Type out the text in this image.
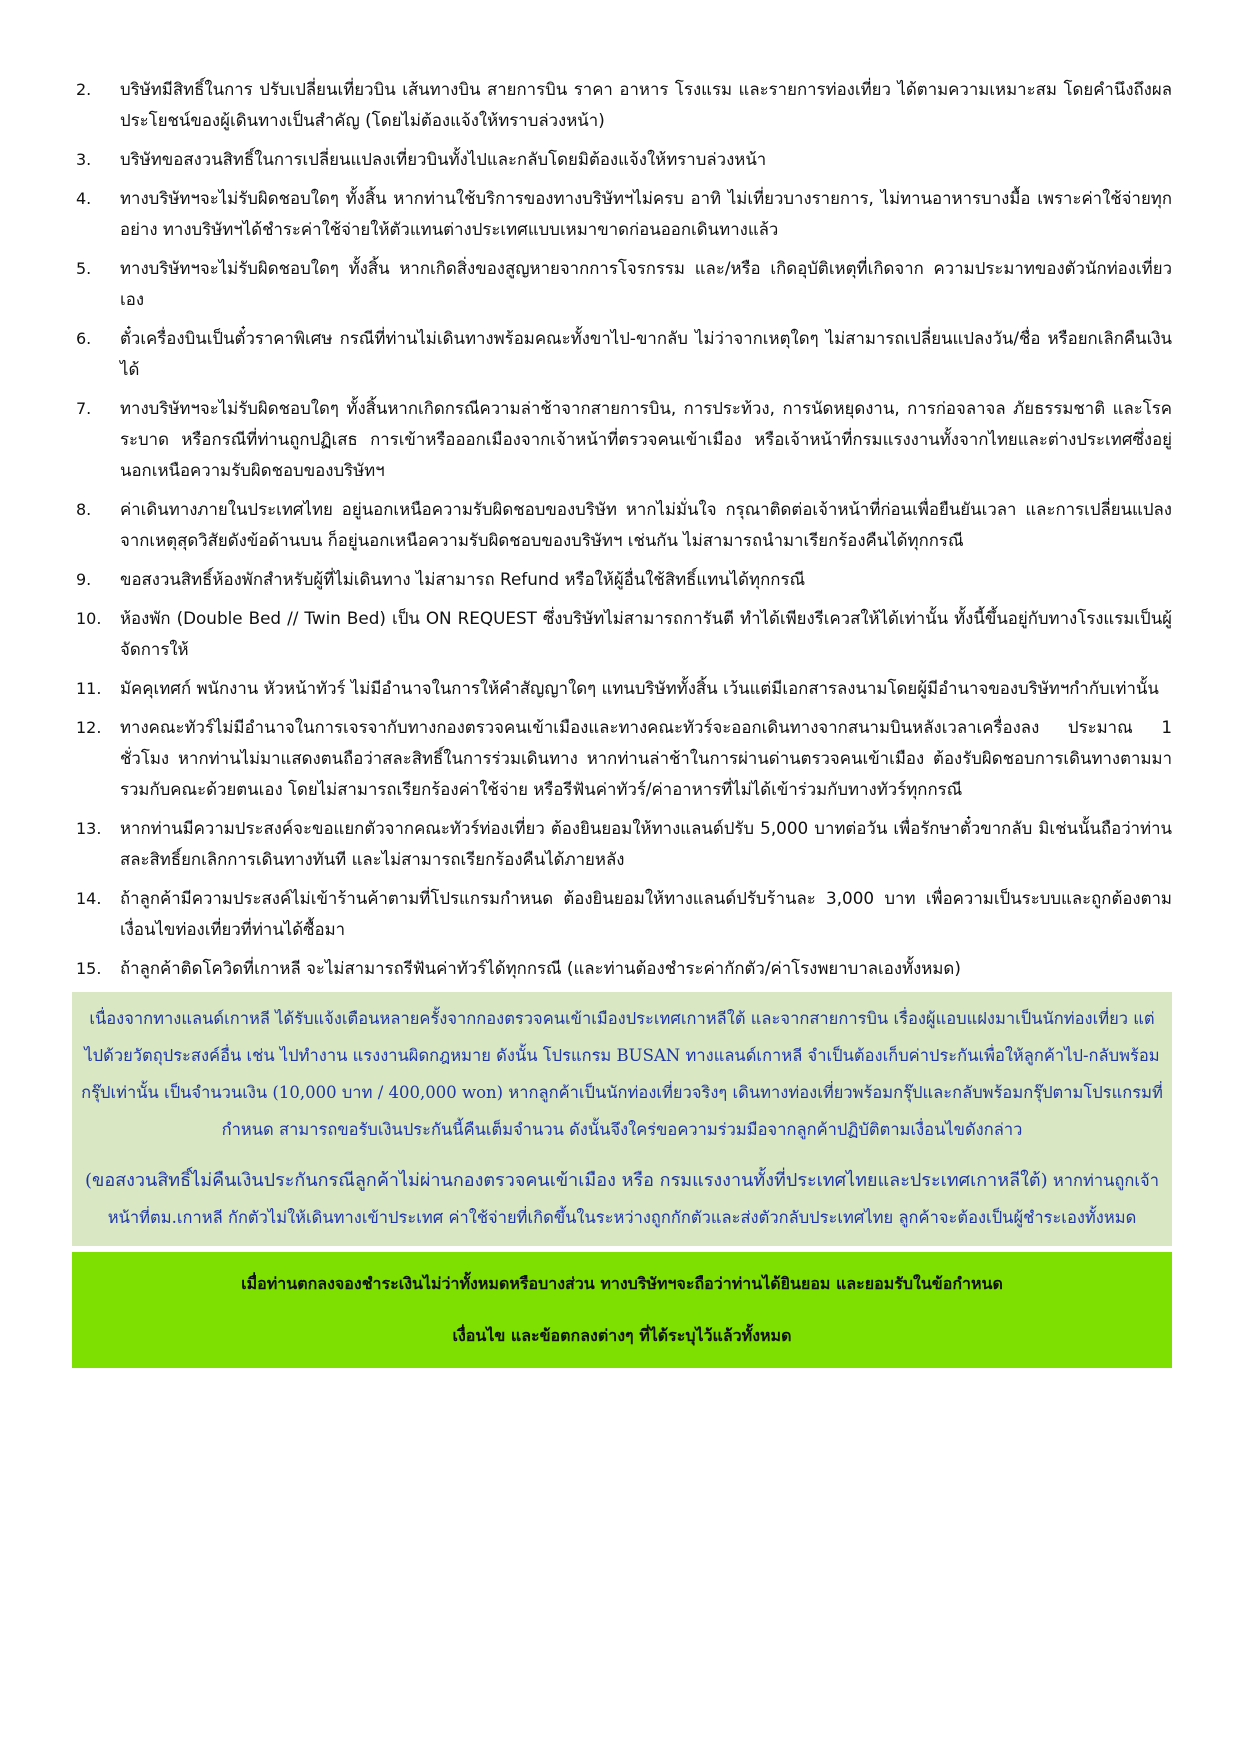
2. บริษัทมีสิทธิ์ในการ ปรับเปลี่ยนเที่ยวบิน เส้นทางบิน สายการบิน ราคา อาหาร โรงแรม และรายการท่องเที่ยว ได้ตามความเหมาะสม โดยคำนึงถึงผลประโยชน์ของผู้เดินทางเป็นสำคัญ (โดยไม่ต้องแจ้งให้ทราบล่วงหน้า)
3. บริษัทขอสงวนสิทธิ์ในการเปลี่ยนแปลงเที่ยวบินทั้งไปและกลับโดยมิต้องแจ้งให้ทราบล่วงหน้า
4. ทางบริษัทฯจะไม่รับผิดชอบใดๆ ทั้งสิ้น หากท่านใช้บริการของทางบริษัทฯไม่ครบ อาทิ ไม่เที่ยวบางรายการ, ไม่ทานอาหารบางมื้อ เพราะค่าใช้จ่ายทุกอย่าง ทางบริษัทฯได้ชำระค่าใช้จ่ายให้ตัวแทนต่างประเทศแบบเหมาขาดก่อนออกเดินทางแล้ว
5. ทางบริษัทฯจะไม่รับผิดชอบใดๆ ทั้งสิ้น หากเกิดสิ่งของสูญหายจากการโจรกรรม และ/หรือ เกิดอุบัติเหตุที่เกิดจาก ความประมาทของตัวนักท่องเที่ยวเอง
6. ตั๋วเครื่องบินเป็นตั๋วราคาพิเศษ กรณีที่ท่านไม่เดินทางพร้อมคณะทั้งขาไป-ขากลับ ไม่ว่าจากเหตุใดๆ ไม่สามารถเปลี่ยนแปลงวัน/ชื่อ หรือยกเลิกคืนเงินได้
7. ทางบริษัทฯจะไม่รับผิดชอบใดๆ ทั้งสิ้นหากเกิดกรณีความล่าช้าจากสายการบิน, การประท้วง, การนัดหยุดงาน, การก่อจลาจล ภัยธรรมชาติ และโรคระบาด หรือกรณีที่ท่านถูกปฏิเสธ การเข้าหรือออกเมืองจากเจ้าหน้าที่ตรวจคนเข้าเมือง หรือเจ้าหน้าที่กรมแรงงานทั้งจากไทยและต่างประเทศซึ่งอยู่นอกเหนือความรับผิดชอบของบริษัทฯ
8. ค่าเดินทางภายในประเทศไทย อยู่นอกเหนือความรับผิดชอบของบริษัท หากไม่มั่นใจ กรุณาติดต่อเจ้าหน้าที่ก่อนเพื่อยืนยันเวลา และการเปลี่ยนแปลงจากเหตุสุดวิสัยดังข้อด้านบน ก็อยู่นอกเหนือความรับผิดชอบของบริษัทฯ เช่นกัน ไม่สามารถนำมาเรียกร้องคืนได้ทุกกรณี
9. ขอสงวนสิทธิ์ห้องพักสำหรับผู้ที่ไม่เดินทาง ไม่สามารถ Refund หรือให้ผู้อื่นใช้สิทธิ์แทนได้ทุกกรณี
10. ห้องพัก (Double Bed // Twin Bed) เป็น ON REQUEST ซึ่งบริษัทไม่สามารถการันตี ทำได้เพียงรีเควสให้ได้เท่านั้น ทั้งนี้ขึ้นอยู่กับทางโรงแรมเป็นผู้จัดการให้
11. มัคคุเทศก์ พนักงาน หัวหน้าทัวร์ ไม่มีอำนาจในการให้คำสัญญาใดๆ แทนบริษัททั้งสิ้น เว้นแต่มีเอกสารลงนามโดยผู้มีอำนาจของบริษัทฯกำกับเท่านั้น
12. ทางคณะทัวร์ไม่มีอำนาจในการเจรจากับทางกองตรวจคนเข้าเมืองและทางคณะทัวร์จะออกเดินทางจากสนามบินหลังเวลาเครื่องลง ประมาณ 1 ชั่วโมง หากท่านไม่มาแสดงตนถือว่าสละสิทธิ์ในการร่วมเดินทาง หากท่านล่าช้าในการผ่านด่านตรวจคนเข้าเมือง ต้องรับผิดชอบการเดินทางตามมารวมกับคณะด้วยตนเอง โดยไม่สามารถเรียกร้องค่าใช้จ่าย หรือรีฟันค่าทัวร์/ค่าอาหารที่ไม่ได้เข้าร่วมกับทางทัวร์ทุกกรณี
13. หากท่านมีความประสงค์จะขอแยกตัวจากคณะทัวร์ท่องเที่ยว ต้องยินยอมให้ทางแลนด์ปรับ 5,000 บาทต่อวัน เพื่อรักษาตั๋วขากลับ มิเช่นนั้นถือว่าท่านสละสิทธิ์ยกเลิกการเดินทางทันที และไม่สามารถเรียกร้องคืนได้ภายหลัง
14. ถ้าลูกค้ามีความประสงค์ไม่เข้าร้านค้าตามที่โปรแกรมกำหนด ต้องยินยอมให้ทางแลนด์ปรับร้านละ 3,000 บาท เพื่อความเป็นระบบและถูกต้องตามเงื่อนไขท่องเที่ยวที่ท่านได้ซื้อมา
15. ถ้าลูกค้าติดโควิดที่เกาหลี จะไม่สามารถรีฟันค่าทัวร์ได้ทุกกรณี (และท่านต้องชำระค่ากักตัว/ค่าโรงพยาบาลเองทั้งหมด)

เนื่องจากทางแลนด์เกาหลี ได้รับแจ้งเตือนหลายครั้งจากกองตรวจคนเข้าเมืองประเทศเกาหลีใต้ และจากสายการบิน เรื่องผู้แอบแฝงมาเป็นนักท่องเที่ยว แต่ไปด้วยวัตถุประสงค์อื่น เช่น ไปทำงาน แรงงานผิดกฎหมาย ดังนั้น โปรแกรม BUSAN ทางแลนด์เกาหลี จำเป็นต้องเก็บค่าประกันเพื่อให้ลูกค้าไป-กลับพร้อมกรุ๊ปเท่านั้น เป็นจำนวนเงิน (10,000 บาท / 400,000 won) หากลูกค้าเป็นนักท่องเที่ยวจริงๆ เดินทางท่องเที่ยวพร้อมกรุ๊ปและกลับพร้อมกรุ๊ปตามโปรแกรมที่กำหนด สามารถขอรับเงินประกันนี้คืนเต็มจำนวน ดังนั้นจึงใคร่ขอความร่วมมือจากลูกค้าปฏิบัติตามเงื่อนไขดังกล่าว

(ขอสงวนสิทธิ์ไม่คืนเงินประกันกรณีลูกค้าไม่ผ่านกองตรวจคนเข้าเมือง หรือ กรมแรงงานทั้งที่ประเทศไทยและประเทศเกาหลีใต้) หากท่านถูกเจ้าหน้าที่ตม.เกาหลี กักตัวไม่ให้เดินทางเข้าประเทศ ค่าใช้จ่ายที่เกิดขึ้นในระหว่างถูกกักตัวและส่งตัวกลับประเทศไทย ลูกค้าจะต้องเป็นผู้ชำระเองทั้งหมด

เมื่อท่านตกลงจองชำระเงินไม่ว่าทั้งหมดหรือบางส่วน ทางบริษัทฯจะถือว่าท่านได้ยินยอม และยอมรับในข้อกำหนด
เงื่อนไข และข้อตกลงต่างๆ ที่ได้ระบุไว้แล้วทั้งหมด
